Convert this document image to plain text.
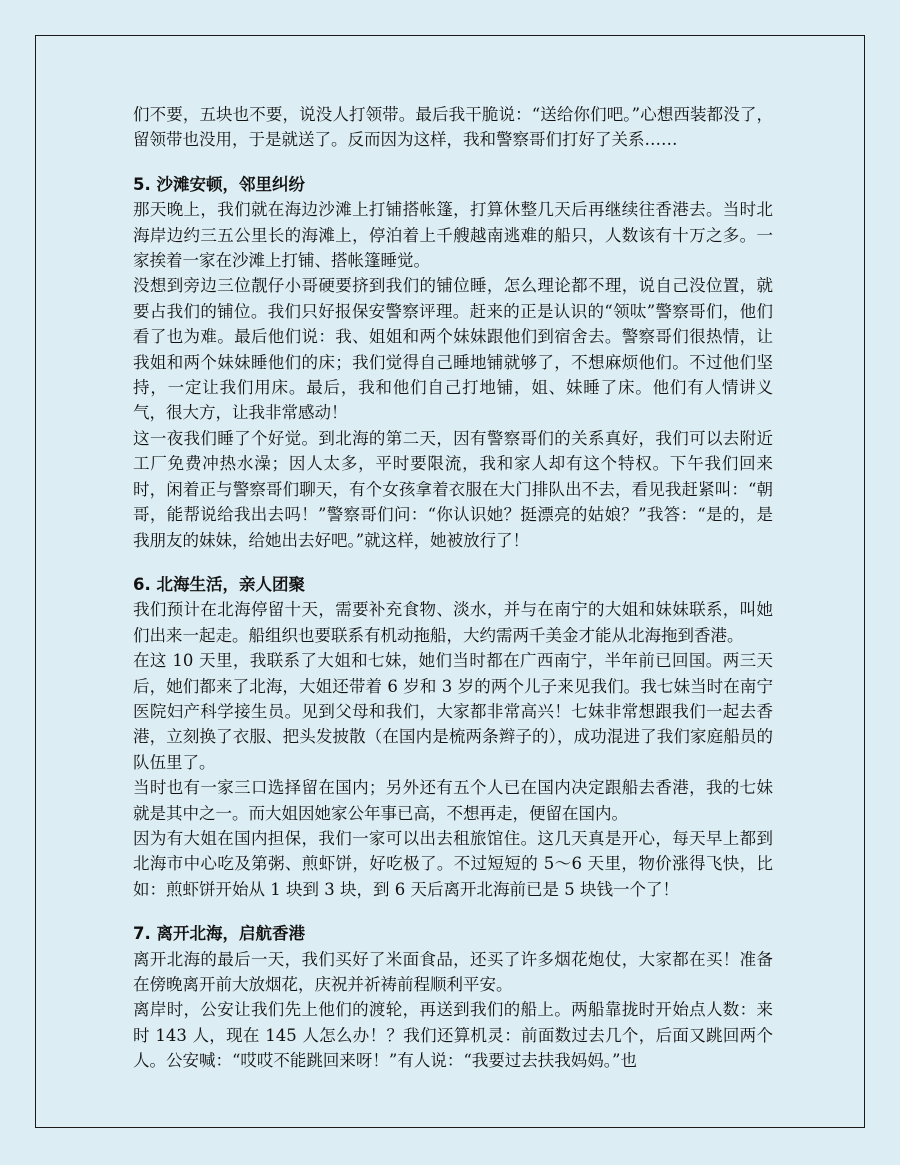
们不要，五块也不要，说没人打领带。最后我干脆说：“送给你们吧。”心想西装都没了，留领带也没用，于是就送了。反而因为这样，我和警察哥们打好了关系……

5. 沙滩安顿，邻里纠纷

那天晚上，我们就在海边沙滩上打铺搭帐篷，打算休整几天后再继续往香港去。当时北海岸边约三五公里长的海滩上，停泊着上千艘越南逃难的船只，人数该有十万之多。一家挨着一家在沙滩上打铺、搭帐篷睡觉。

没想到旁边三位靓仔小哥硬要挤到我们的铺位睡，怎么理论都不理，说自己没位置，就要占我们的铺位。我们只好报保安警察评理。赶来的正是认识的“领呔”警察哥们，他们看了也为难。最后他们说：我、姐姐和两个妹妹跟他们到宿舍去。警察哥们很热情，让我姐和两个妹妹睡他们的床；我们觉得自己睡地铺就够了，不想麻烦他们。不过他们坚持，一定让我们用床。最后，我和他们自己打地铺，姐、妹睡了床。他们有人情讲义气，很大方，让我非常感动！

这一夜我们睡了个好觉。到北海的第二天，因有警察哥们的关系真好，我们可以去附近工厂免费冲热水澡；因人太多，平时要限流，我和家人却有这个特权。下午我们回来时，闲着正与警察哥们聊天，有个女孩拿着衣服在大门排队出不去，看见我赶紧叫：“朝哥，能帮说给我出去吗！”警察哥们问：“你认识她？挺漂亮的姑娘？”我答：“是的，是我朋友的妹妹，给她出去好吧。”就这样，她被放行了！

6. 北海生活，亲人团聚

我们预计在北海停留十天，需要补充食物、淡水，并与在南宁的大姐和妹妹联系，叫她们出来一起走。船组织也要联系有机动拖船，大约需两千美金才能从北海拖到香港。

在这 10 天里，我联系了大姐和七妹，她们当时都在广西南宁，半年前已回国。两三天后，她们都来了北海，大姐还带着 6 岁和 3 岁的两个儿子来见我们。我七妹当时在南宁医院妇产科学接生员。见到父母和我们，大家都非常高兴！七妹非常想跟我们一起去香港，立刻换了衣服、把头发披散（在国内是梳两条辫子的），成功混进了我们家庭船员的队伍里了。

当时也有一家三口选择留在国内；另外还有五个人已在国内决定跟船去香港，我的七妹就是其中之一。而大姐因她家公年事已高，不想再走，便留在国内。

因为有大姐在国内担保，我们一家可以出去租旅馆住。这几天真是开心，每天早上都到北海市中心吃及第粥、煎虾饼，好吃极了。不过短短的 5～6 天里，物价涨得飞快，比如：煎虾饼开始从 1 块到 3 块，到 6 天后离开北海前已是 5 块钱一个了！

7. 离开北海，启航香港

离开北海的最后一天，我们买好了米面食品，还买了许多烟花炮仗，大家都在买！准备在傍晚离开前大放烟花，庆祝并祈祷前程顺利平安。

离岸时，公安让我们先上他们的渡轮，再送到我们的船上。两船靠拢时开始点人数：来时 143 人，现在 145 人怎么办！？我们还算机灵：前面数过去几个，后面又跳回两个人。公安喊：“哎哎不能跳回来呀！”有人说：“我要过去扶我妈妈。”也
